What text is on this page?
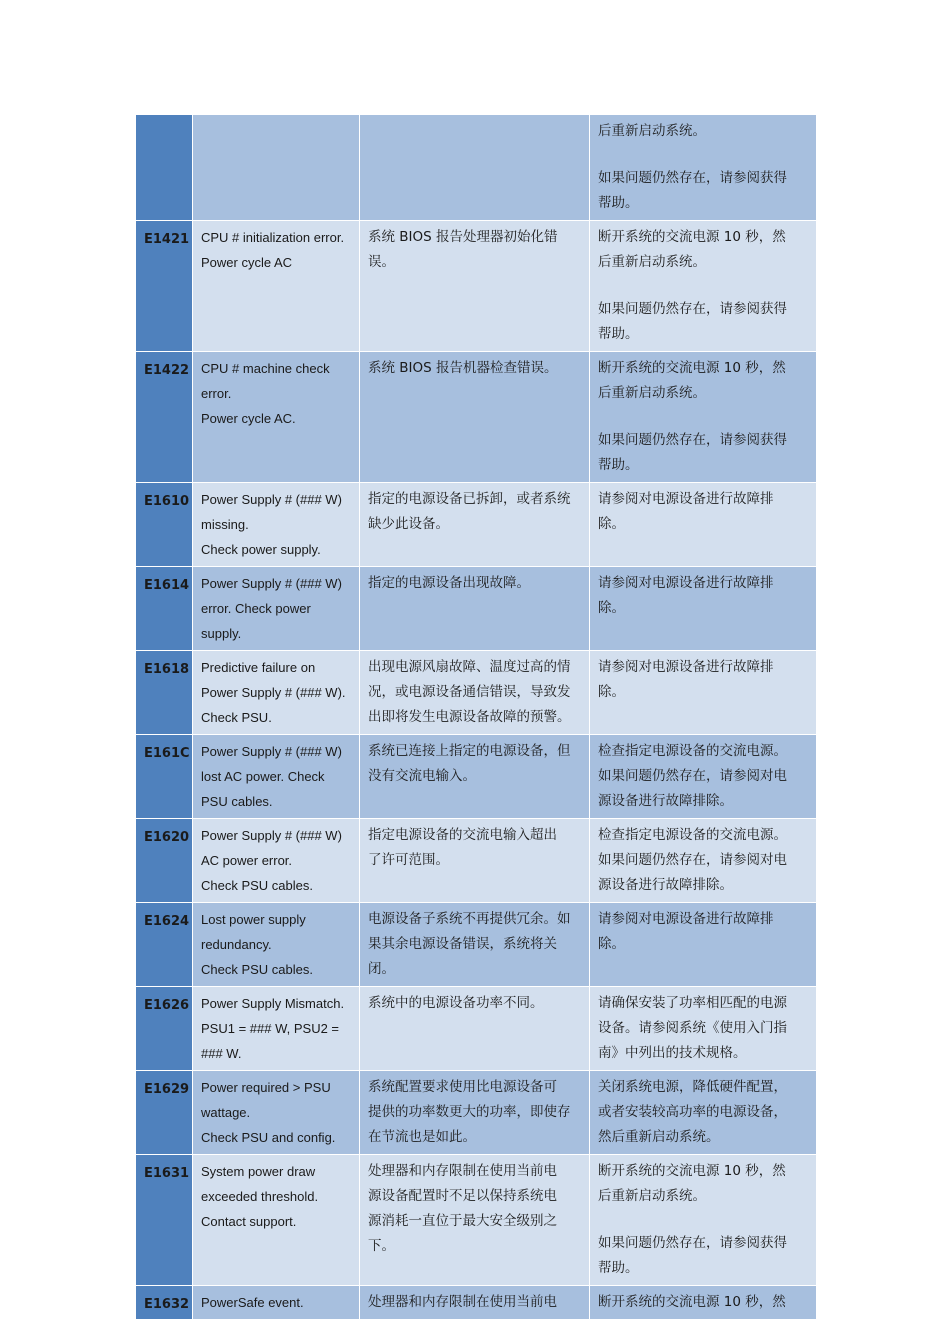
			后重新启动系统。
如果问题仍然存在，请参阅获得
帮助。

E1421	CPU # initialization error.
Power cycle AC	系统 BIOS 报告处理器初始化错
误。	断开系统的交流电源 10 秒，然
后重新启动系统。
如果问题仍然存在，请参阅获得
帮助。

E1422	CPU # machine check
error.
Power cycle AC.	系统 BIOS 报告机器检查错误。	断开系统的交流电源 10 秒，然
后重新启动系统。
如果问题仍然存在，请参阅获得
帮助。

E1610	Power Supply # (### W)
missing.
Check power supply.	指定的电源设备已拆卸，或者系统
缺少此设备。	请参阅对电源设备进行故障排
除。

E1614	Power Supply # (### W)
error. Check power
supply.	指定的电源设备出现故障。	请参阅对电源设备进行故障排
除。

E1618	Predictive failure on
Power Supply # (### W).
Check PSU.	出现电源风扇故障、温度过高的情
况，或电源设备通信错误，导致发
出即将发生电源设备故障的预警。	请参阅对电源设备进行故障排
除。

E161C	Power Supply # (### W)
lost AC power. Check
PSU cables.	系统已连接上指定的电源设备，但
没有交流电输入。	检查指定电源设备的交流电源。
如果问题仍然存在，请参阅对电
源设备进行故障排除。

E1620	Power Supply # (### W)
AC power error.
Check PSU cables.	指定电源设备的交流电输入超出
了许可范围。	检查指定电源设备的交流电源。
如果问题仍然存在，请参阅对电
源设备进行故障排除。

E1624	Lost power supply
redundancy.
Check PSU cables.	电源设备子系统不再提供冗余。如
果其余电源设备错误，系统将关
闭。	请参阅对电源设备进行故障排
除。

E1626	Power Supply Mismatch.
PSU1 = ### W, PSU2 =
### W.	系统中的电源设备功率不同。	请确保安装了功率相匹配的电源
设备。请参阅系统《使用入门指
南》中列出的技术规格。

E1629	Power required > PSU
wattage.
Check PSU and config.	系统配置要求使用比电源设备可
提供的功率数更大的功率，即使存
在节流也是如此。	关闭系统电源，降低硬件配置，
或者安装较高功率的电源设备，
然后重新启动系统。

E1631	System power draw
exceeded threshold.
Contact support.	处理器和内存限制在使用当前电
源设备配置时不足以保持系统电
源消耗一直位于最大安全级别之
下。	断开系统的交流电源 10 秒，然
后重新启动系统。
如果问题仍然存在，请参阅获得
帮助。

E1632	PowerSafe event.	处理器和内存限制在使用当前电	断开系统的交流电源 10 秒，然
